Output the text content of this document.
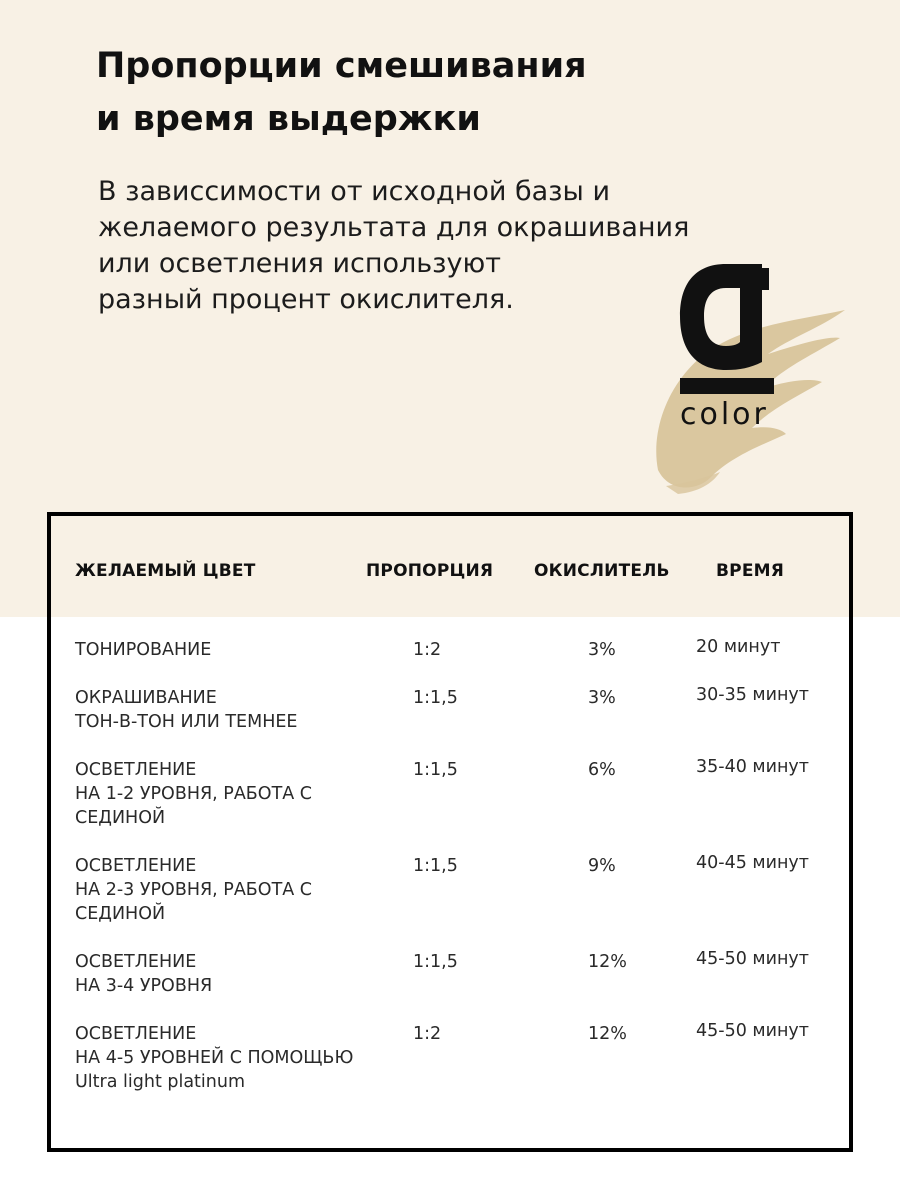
Пропорции смешивания
и время выдержки

В зависсимости от исходной базы и
желаемого результата для окрашивания
или осветления используют
разный процент окислителя.

color
ЖЕЛАЕМЫЙ ЦВЕТ	ПРОПОРЦИЯ ОКИСЛИТЕЛЬ	ВРЕМЯ
ТОНИРОВАНИЕ	1:2	3%	20 минут
ОКРАШИВАНИЕ
ТОН-В-ТОН ИЛИ ТЕМНЕЕ
1:1,5	3%	30-35 минут
ОСВЕТЛЕНИЕ
НА 1-2 УРОВНЯ, РАБОТА С
СЕДИНОЙ
1:1,5	6%	35-40 минут
ОСВЕТЛЕНИЕ
НА 2-3 УРОВНЯ, РАБОТА С
СЕДИНОЙ
1:1,5	9%	40-45 минут
ОСВЕТЛЕНИЕ
НА 3-4 УРОВНЯ
1:1,5	12%	45-50 минут
ОСВЕТЛЕНИЕ
НА 4-5 УРОВНЕЙ С ПОМОЩЬЮ
Ultra light platinum
1:2	12%	45-50 минут
